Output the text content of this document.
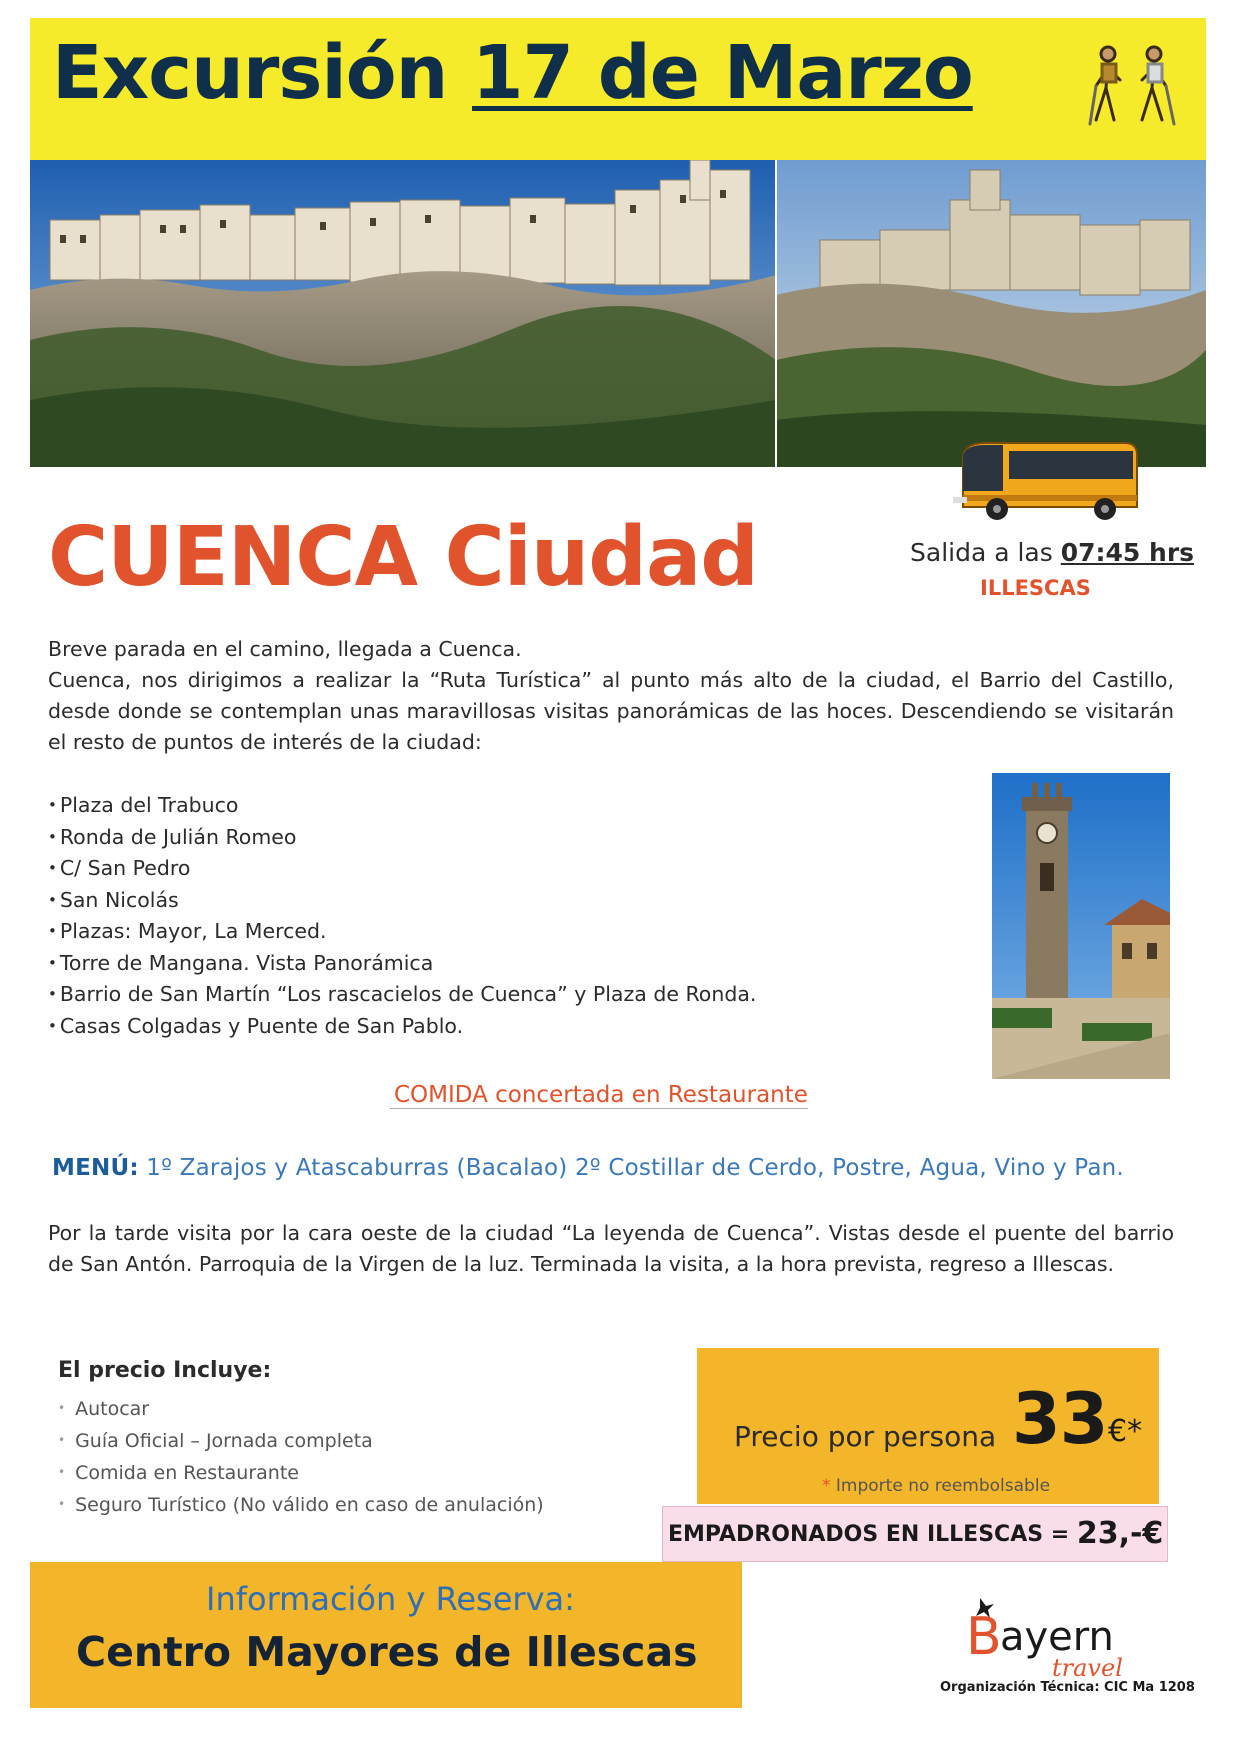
Excursión 17 de Marzo
CUENCA Ciudad	Salida a las 07:45 hrs
ILLESCAS

Breve parada en el camino, llegada a Cuenca.

Cuenca, nos dirigimos a realizar la “Ruta Turística” al punto más alto de la ciudad, el Barrio del Castillo, desde donde se contemplan unas maravillosas visitas panorámicas de las hoces. Descendiendo se visitarán el resto de puntos de interés de la ciudad:

• Plaza del Trabuco
• Ronda de Julián Romeo
• C/ San Pedro
• San Nicolás
• Plazas: Mayor, La Merced.
• Torre de Mangana. Vista Panorámica
• Barrio de San Martín “Los rascacielos de Cuenca” y Plaza de Ronda.
• Casas Colgadas y Puente de San Pablo.
COMIDA concertada en Restaurante
MENÚ: 1º Zarajos y Atascaburras (Bacalao) 2º Costillar de Cerdo, Postre, Agua, Vino y Pan.
Por la tarde visita por la cara oeste de la ciudad “La leyenda de Cuenca”. Vistas desde el puente del barrio de San Antón. Parroquia de la Virgen de la luz. Terminada la visita, a la hora prevista, regreso a Illescas.
El precio Incluye:
• Autocar
• Guía Oficial – Jornada completa
• Comida en Restaurante
• Seguro Turístico (No válido en caso de anulación)
Precio por persona 33 €*
* Importe no reembolsable
EMPADRONADOS EN ILLESCAS = 23,-€
Información y Reserva:
Centro Mayores de Illescas	B
ayern
travel
Organización Técnica: CIC Ma 1208
